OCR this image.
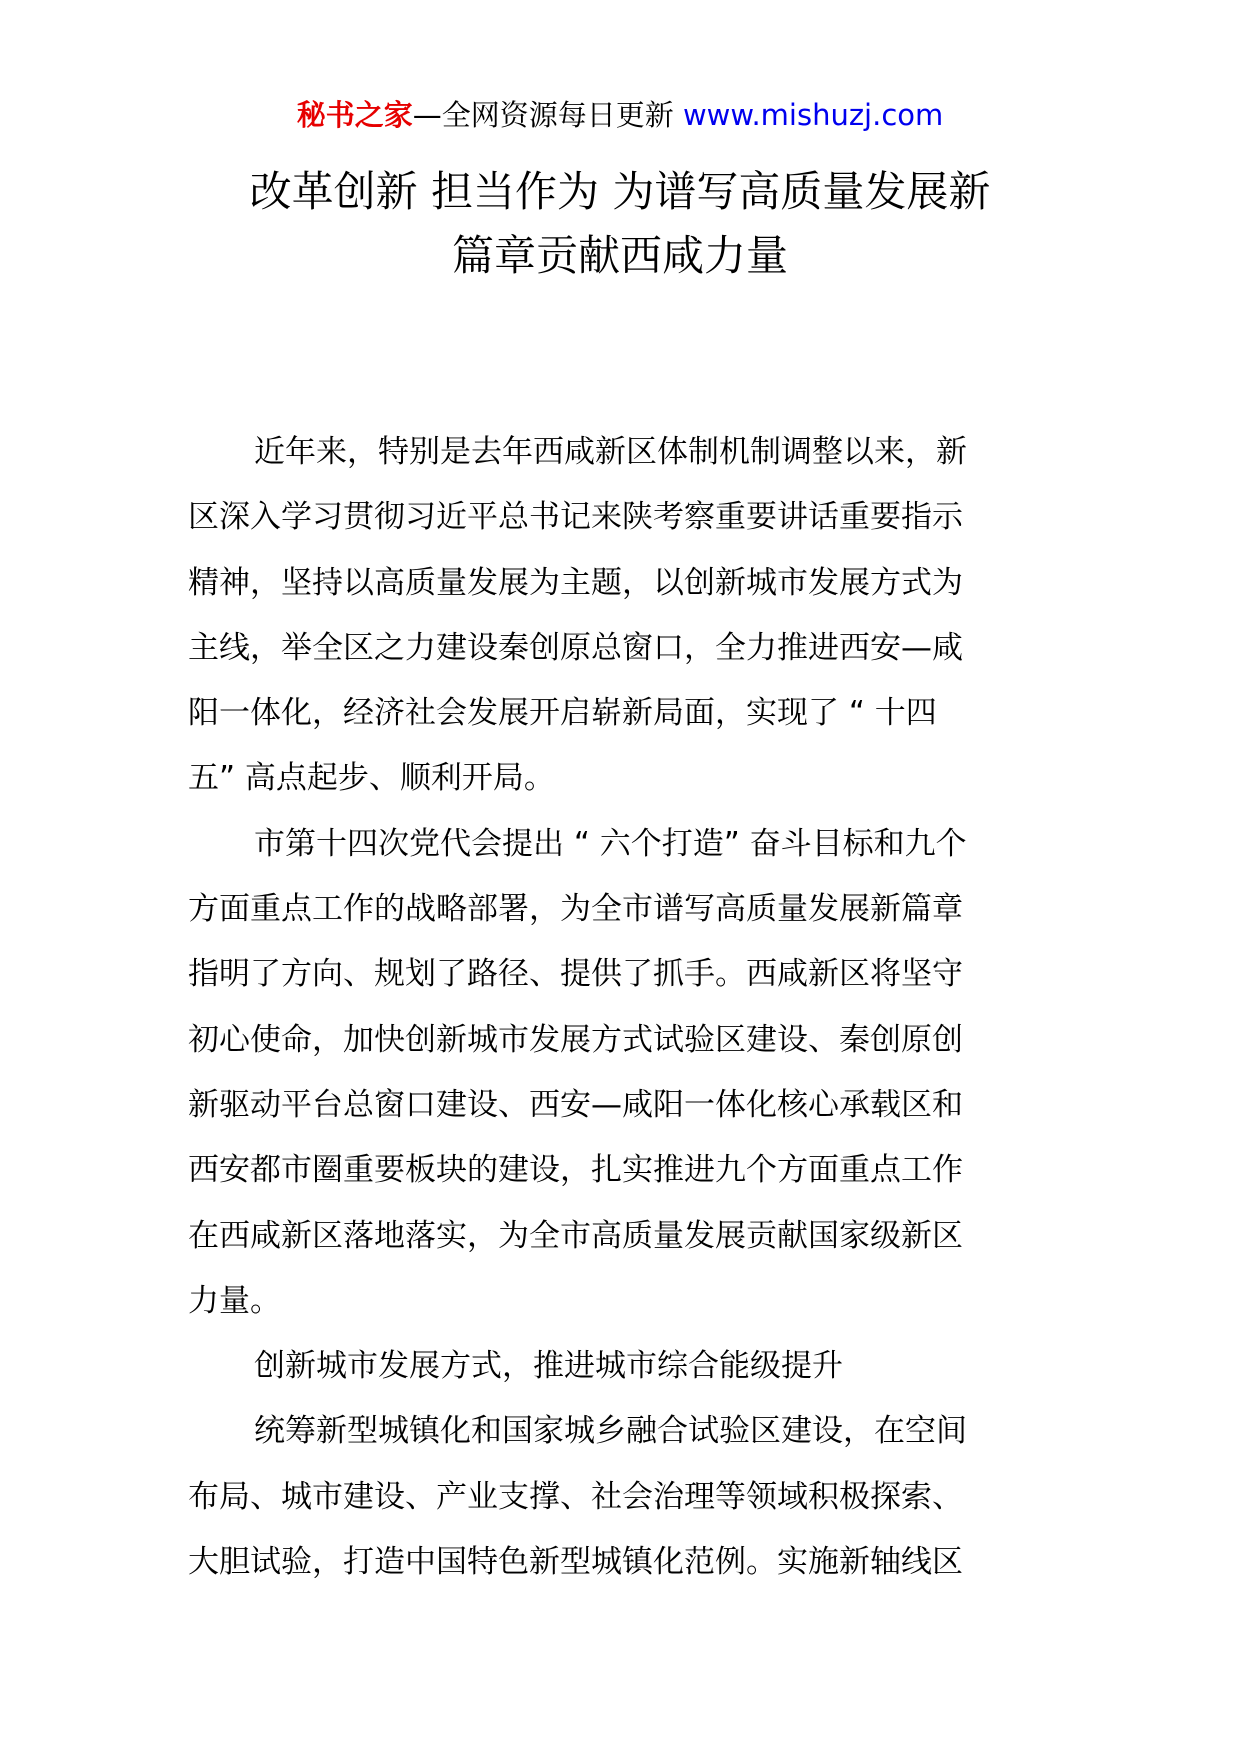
秘书之家—全网资源每日更新 www.mishuzj.com
改革创新 担当作为 为谱写高质量发展新
篇章贡献西咸力量
近年来，特别是去年西咸新区体制机制调整以来，新
区深入学习贯彻习近平总书记来陕考察重要讲话重要指示
精神，坚持以高质量发展为主题，以创新城市发展方式为
主线，举全区之力建设秦创原总窗口，全力推进西安—咸
阳一体化，经济社会发展开启崭新局面，实现了 “ 十四
五” 高点起步、顺利开局。
市第十四次党代会提出 “ 六个打造” 奋斗目标和九个
方面重点工作的战略部署，为全市谱写高质量发展新篇章
指明了方向、规划了路径、提供了抓手。西咸新区将坚守
初心使命，加快创新城市发展方式试验区建设、秦创原创
新驱动平台总窗口建设、西安—咸阳一体化核心承载区和
西安都市圈重要板块的建设，扎实推进九个方面重点工作
在西咸新区落地落实，为全市高质量发展贡献国家级新区
力量。
创新城市发展方式，推进城市综合能级提升
统筹新型城镇化和国家城乡融合试验区建设，在空间
布局、城市建设、产业支撑、社会治理等领域积极探索、
大胆试验，打造中国特色新型城镇化范例。实施新轴线区
